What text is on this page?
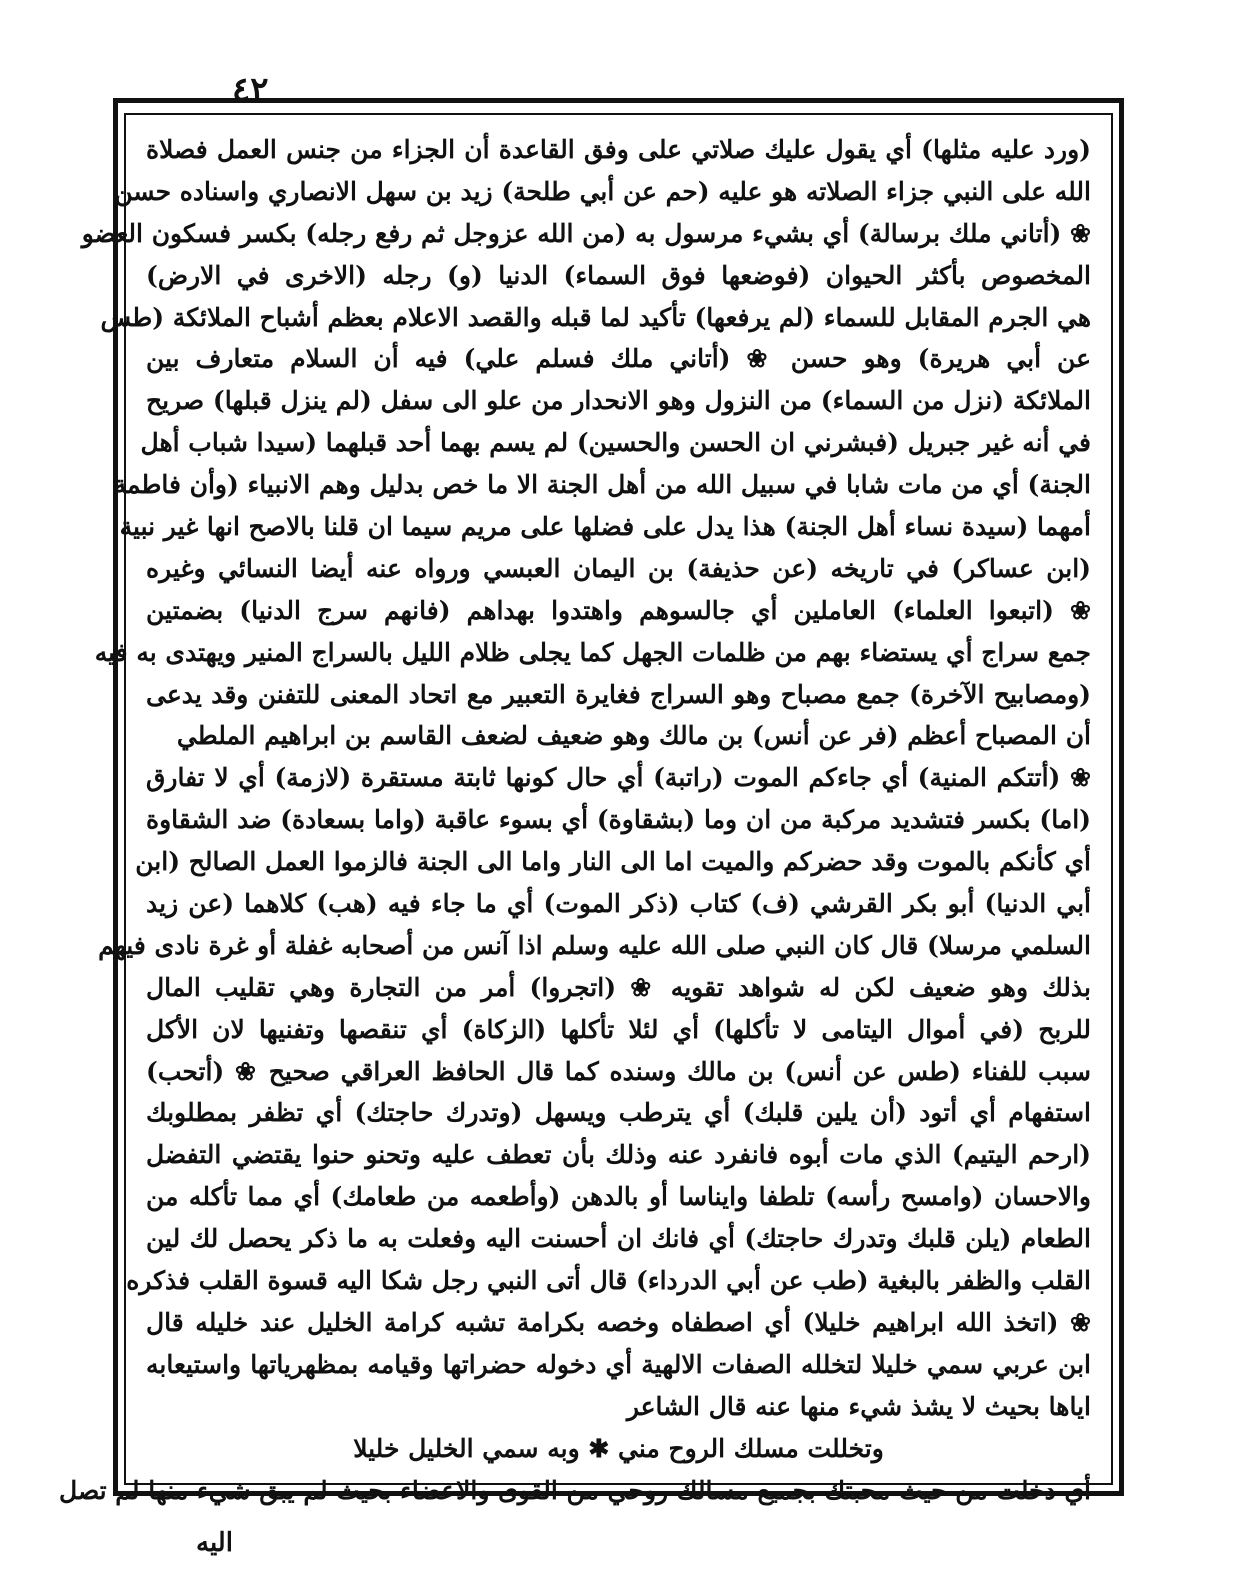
٤٢
(ورد عليه مثلها) أي يقول عليك صلاتي على وفق القاعدة أن الجزاء من جنس العمل فصلاة
الله على النبي جزاء الصلاته هو عليه (حم عن أبي طلحة) زيد بن سهل الانصاري واسناده حسن
❀ (أتاني ملك برسالة) أي بشيء مرسول به (من الله عزوجل ثم رفع رجله) بكسر فسكون العضو
المخصوص بأكثر الحيوان (فوضعها فوق السماء) الدنيا (و) رجله (الاخرى في الارض)
هي الجرم المقابل للسماء (لم يرفعها) تأكيد لما قبله والقصد الاعلام بعظم أشباح الملائكة (طس
عن أبي هريرة) وهو حسن ❀ (أتاني ملك فسلم علي) فيه أن السلام متعارف بين
الملائكة (نزل من السماء) من النزول وهو الانحدار من علو الى سفل (لم ينزل قبلها) صريح
في أنه غير جبريل (فبشرني ان الحسن والحسين) لم يسم بهما أحد قبلهما (سيدا شباب أهل
الجنة) أي من مات شابا في سبيل الله من أهل الجنة الا ما خص بدليل وهم الانبياء (وأن فاطمة
أمهما (سيدة نساء أهل الجنة) هذا يدل على فضلها على مريم سيما ان قلنا بالاصح انها غير نبية
(ابن عساكر) في تاريخه (عن حذيفة) بن اليمان العبسي ورواه عنه أيضا النسائي وغيره
❀ (اتبعوا العلماء) العاملين أي جالسوهم واهتدوا بهداهم (فانهم سرج الدنيا) بضمتين
جمع سراج أي يستضاء بهم من ظلمات الجهل كما يجلى ظلام الليل بالسراج المنير ويهتدى به فيه
(ومصابيح الآخرة) جمع مصباح وهو السراج فغايرة التعبير مع اتحاد المعنى للتفنن وقد يدعى
أن المصباح أعظم (فر عن أنس) بن مالك وهو ضعيف لضعف القاسم بن ابراهيم الملطي
❀ (أتتكم المنية) أي جاءكم الموت (راتبة) أي حال كونها ثابتة مستقرة (لازمة) أي لا تفارق
(اما) بكسر فتشديد مركبة من ان وما (بشقاوة) أي بسوء عاقبة (واما بسعادة) ضد الشقاوة
أي كأنكم بالموت وقد حضركم والميت اما الى النار واما الى الجنة فالزموا العمل الصالح (ابن
أبي الدنيا) أبو بكر القرشي (ف) كتاب (ذكر الموت) أي ما جاء فيه (هب) كلاهما (عن زيد
السلمي مرسلا) قال كان النبي صلى الله عليه وسلم اذا آنس من أصحابه غفلة أو غرة نادى فيهم
بذلك وهو ضعيف لكن له شواهد تقويه ❀ (اتجروا) أمر من التجارة وهي تقليب المال
للربح (في أموال اليتامى لا تأكلها) أي لئلا تأكلها (الزكاة) أي تنقصها وتفنيها لان الأكل
سبب للفناء (طس عن أنس) بن مالك وسنده كما قال الحافظ العراقي صحيح ❀ (أتحب)
استفهام أي أتود (أن يلين قلبك) أي يترطب ويسهل (وتدرك حاجتك) أي تظفر بمطلوبك
(ارحم اليتيم) الذي مات أبوه فانفرد عنه وذلك بأن تعطف عليه وتحنو حنوا يقتضي التفضل
والاحسان (وامسح رأسه) تلطفا وايناسا أو بالدهن (وأطعمه من طعامك) أي مما تأكله من
الطعام (يلن قلبك وتدرك حاجتك) أي فانك ان أحسنت اليه وفعلت به ما ذكر يحصل لك لين
القلب والظفر بالبغية (طب عن أبي الدرداء) قال أتى النبي رجل شكا اليه قسوة القلب فذكره
❀ (اتخذ الله ابراهيم خليلا) أي اصطفاه وخصه بكرامة تشبه كرامة الخليل عند خليله قال
ابن عربي سمي خليلا لتخلله الصفات الالهية أي دخوله حضراتها وقيامه بمظهرياتها واستيعابه
اياها بحيث لا يشذ شيء منها عنه قال الشاعر
وتخللت مسلك الروح مني ✱ وبه سمي الخليل خليلا
أي دخلت من حيث محبتك بجميع مسالك روحي من القوى والاعضاء بحيث لم يبق شيء منها لم تصل
اليه
